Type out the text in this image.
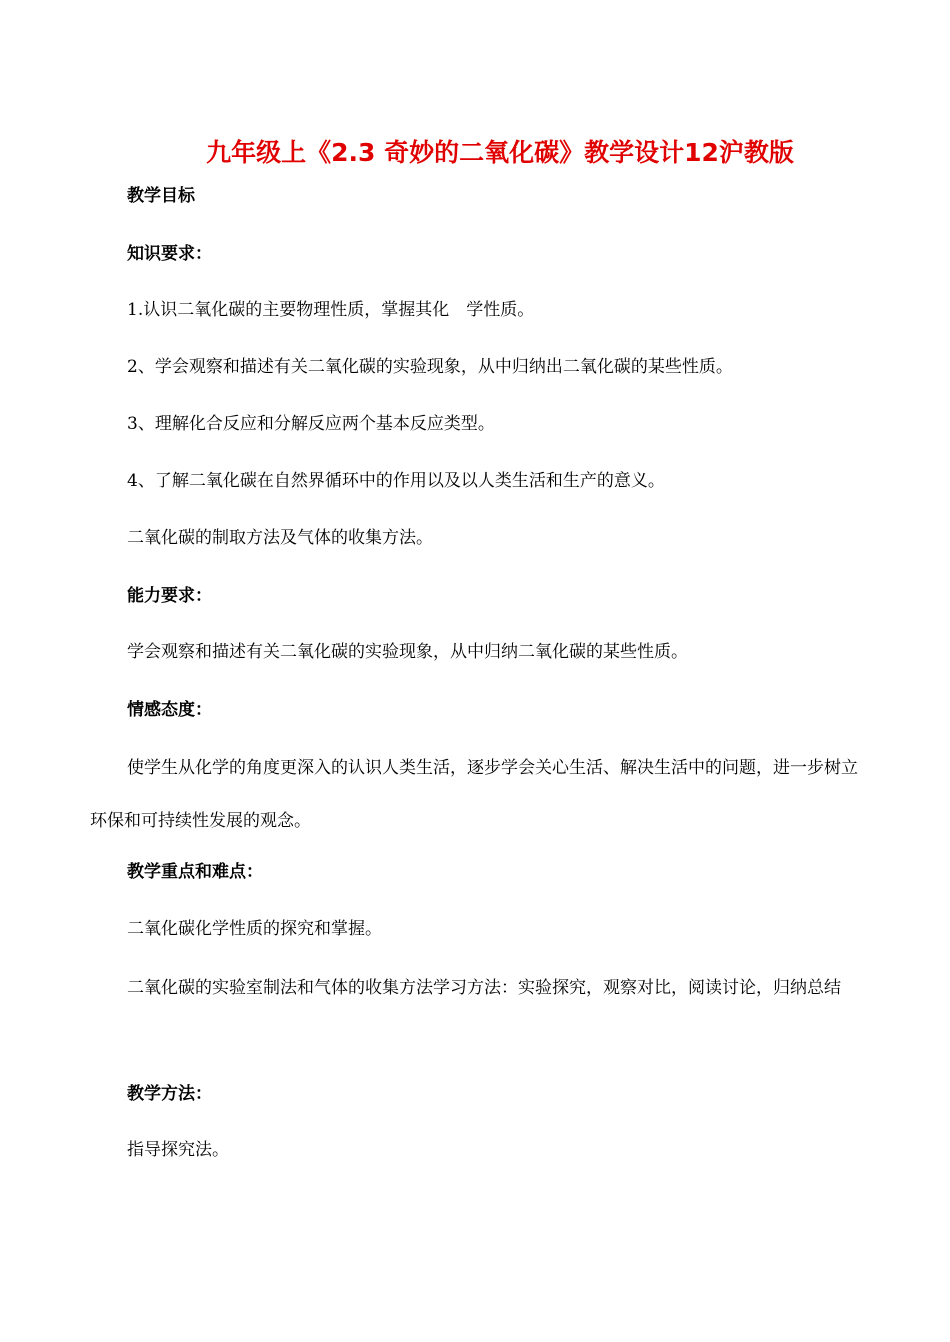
九年级上《2.3 奇妙的二氧化碳》教学设计12沪教版
教学目标
知识要求：
1.认识二氧化碳的主要物理性质，掌握其化　学性质。
2、学会观察和描述有关二氧化碳的实验现象，从中归纳出二氧化碳的某些性质。
3、理解化合反应和分解反应两个基本反应类型。
4、了解二氧化碳在自然界循环中的作用以及以人类生活和生产的意义。
二氧化碳的制取方法及气体的收集方法。
能力要求：
学会观察和描述有关二氧化碳的实验现象，从中归纳二氧化碳的某些性质。
情感态度：
使学生从化学的角度更深入的认识人类生活，逐步学会关心生活、解决生活中的问题，进一步树立环保和可持续性发展的观念。
教学重点和难点：
二氧化碳化学性质的探究和掌握。
二氧化碳的实验室制法和气体的收集方法学习方法：实验探究，观察对比，阅读讨论，归纳总结
教学方法：
指导探究法。
